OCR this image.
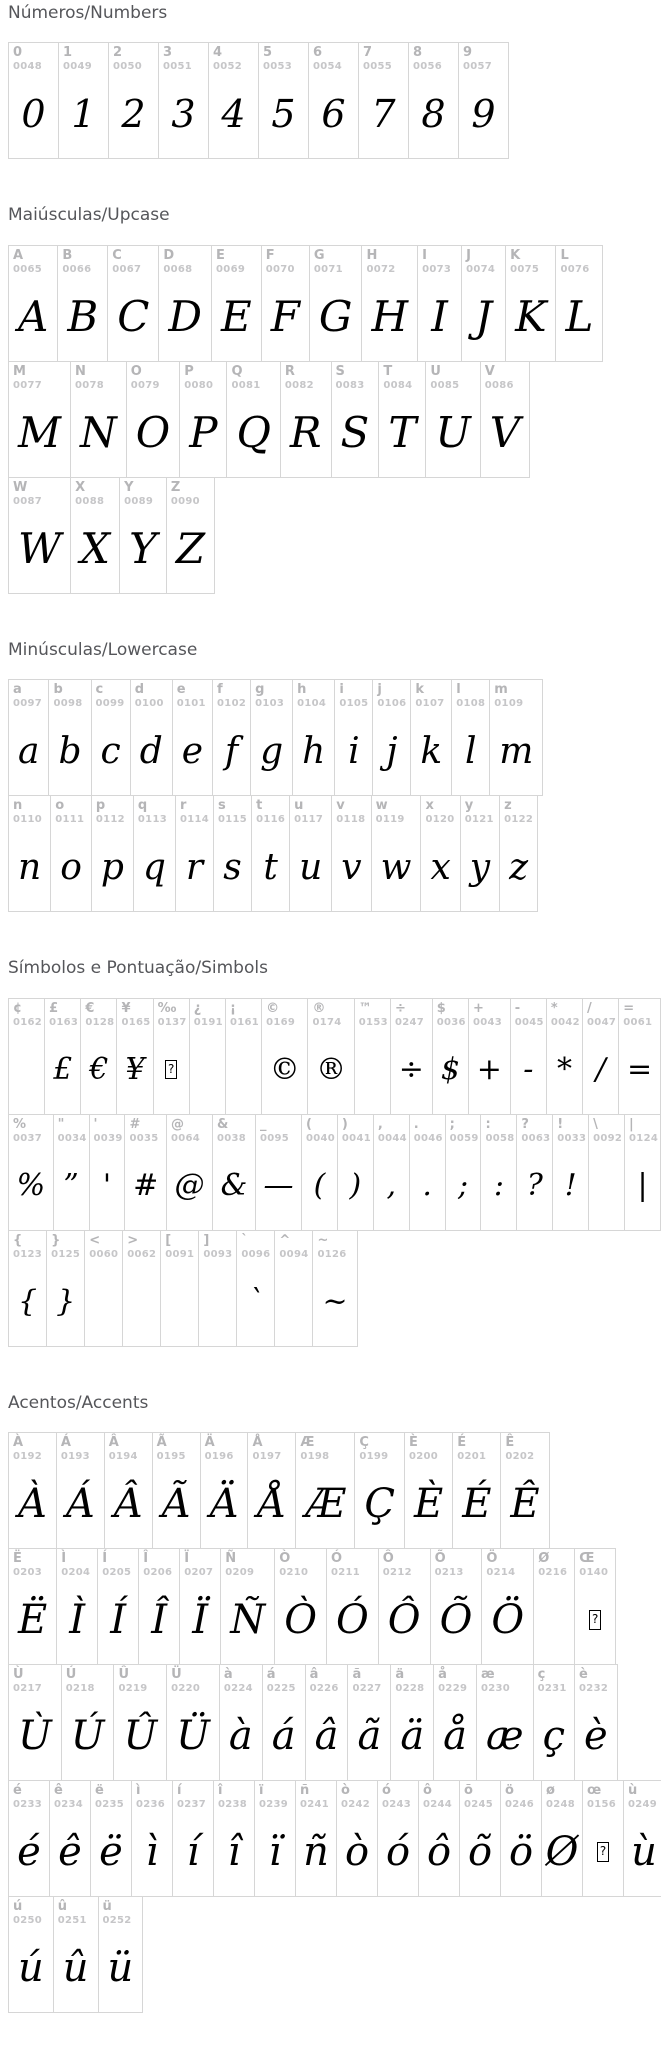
Números/Numbers
0
0048
0
1
0049
1
2
0050
2
3
0051
3
4
0052
4
5
0053
5
6
0054
6
7
0055
7
8
0056
8
9
0057
9
Maiúsculas/Upcase
A
0065
A
B
0066
B
C
0067
C
D
0068
D
E
0069
E
F
0070
F
G
0071
G
H
0072
H
I
0073
I
J
0074
J
K
0075
K
L
0076
L
M
0077
M
N
0078
N
O
0079
O
P
0080
P
Q
0081
Q
R
0082
R
S
0083
S
T
0084
T
U
0085
U
V
0086
V
W
0087
W
X
0088
X
Y
0089
Y
Z
0090
Z
Minúsculas/Lowercase
a
0097
a
b
0098
b
c
0099
c
d
0100
d
e
0101
e
f
0102
f
g
0103
g
h
0104
h
i
0105
i
j
0106
j
k
0107
k
l
0108
l
m
0109
m
n
0110
n
o
0111
o
p
0112
p
q
0113
q
r
0114
r
s
0115
s
t
0116
t
u
0117
u
v
0118
v
w
0119
w
x
0120
x
y
0121
y
z
0122
z
Símbolos e Pontuação/Simbols
¢
0162
£
0163
£
€
0128
€
¥
0165
¥
‰
0137
?
¿
0191
¡
0161
©
0169
©
®
0174
®
™
0153
÷
0247
÷
$
0036
$
+
0043
+
-
0045
-
*
0042
*
/
0047
/
=
0061
=
%
0037
%
"
0034
”
'
0039
'
#
0035
#
@
0064
@
&
0038
&
_
0095
—
(
0040
(
)
0041
)
,
0044
,
.
0046
.
;
0059
;
:
0058
:
?
0063
?
!
0033
!
\
0092
|
0124
|
{
0123
{
}
0125
}
<
0060
>
0062
[
0091
]
0093
`
0096
`
^
0094
~
0126
~
Acentos/Accents
À
0192
À
Á
0193
Á
Â
0194
Â
Ã
0195
Ã
Ä
0196
Ä
Å
0197
Å
Æ
0198
Æ
Ç
0199
Ç
È
0200
È
É
0201
É
Ê
0202
Ê
Ë
0203
Ë
Ì
0204
Ì
Í
0205
Í
Î
0206
Î
Ï
0207
Ï
Ñ
0209
Ñ
Ò
0210
Ò
Ó
0211
Ó
Ô
0212
Ô
Õ
0213
Õ
Ö
0214
Ö
Ø
0216
Œ
0140
?
Ù
0217
Ù
Ú
0218
Ú
Û
0219
Û
Ü
0220
Ü
à
0224
à
á
0225
á
â
0226
â
ã
0227
ã
ä
0228
ä
å
0229
å
æ
0230
æ
ç
0231
ç
è
0232
è
é
0233
é
ê
0234
ê
ë
0235
ë
ì
0236
ì
í
0237
í
î
0238
î
ï
0239
ï
ñ
0241
ñ
ò
0242
ò
ó
0243
ó
ô
0244
ô
õ
0245
õ
ö
0246
ö
ø
0248
Ø
œ
0156
?
ù
0249
ù
ú
0250
ú
û
0251
û
ü
0252
ü
